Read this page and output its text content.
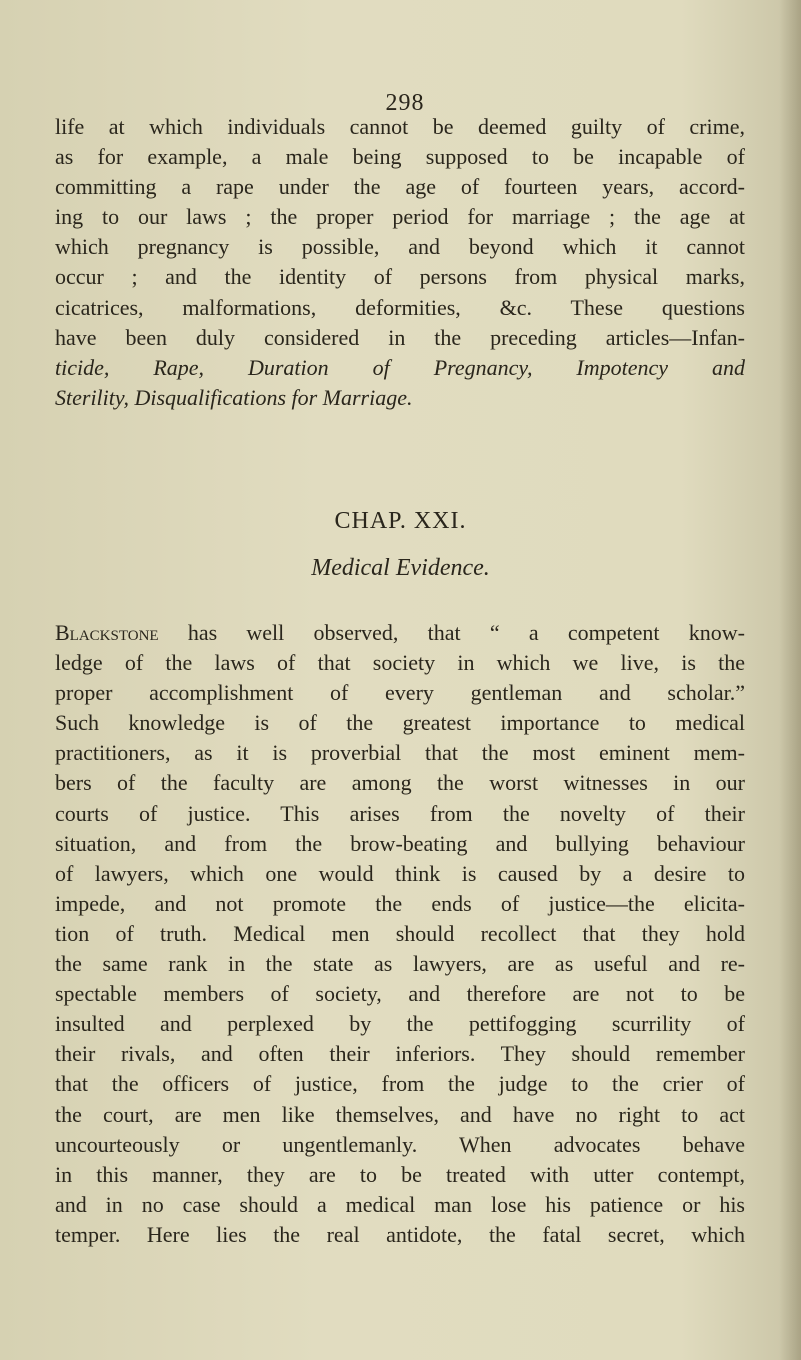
298
life at which individuals cannot be deemed guilty of crime,
as for example, a male being supposed to be incapable of
committing a rape under the age of fourteen years, accord-
ing to our laws ; the proper period for marriage ; the age at
which pregnancy is possible, and beyond which it cannot
occur ; and the identity of persons from physical marks,
cicatrices, malformations, deformities, &c. These questions
have been duly considered in the preceding articles—Infan-
ticide, Rape, Duration of Pregnancy, Impotency and
Sterility, Disqualifications for Marriage.
CHAP. XXI.
Medical Evidence.
Blackstone has well observed, that “ a competent know-
ledge of the laws of that society in which we live, is the
proper accomplishment of every gentleman and scholar.”
Such knowledge is of the greatest importance to medical
practitioners, as it is proverbial that the most eminent mem-
bers of the faculty are among the worst witnesses in our
courts of justice. This arises from the novelty of their
situation, and from the brow-beating and bullying behaviour
of lawyers, which one would think is caused by a desire to
impede, and not promote the ends of justice—the elicita-
tion of truth. Medical men should recollect that they hold
the same rank in the state as lawyers, are as useful and re-
spectable members of society, and therefore are not to be
insulted and perplexed by the pettifogging scurrility of
their rivals, and often their inferiors. They should remember
that the officers of justice, from the judge to the crier of
the court, are men like themselves, and have no right to act
uncourteously or ungentlemanly. When advocates behave
in this manner, they are to be treated with utter contempt,
and in no case should a medical man lose his patience or his
temper. Here lies the real antidote, the fatal secret, which
